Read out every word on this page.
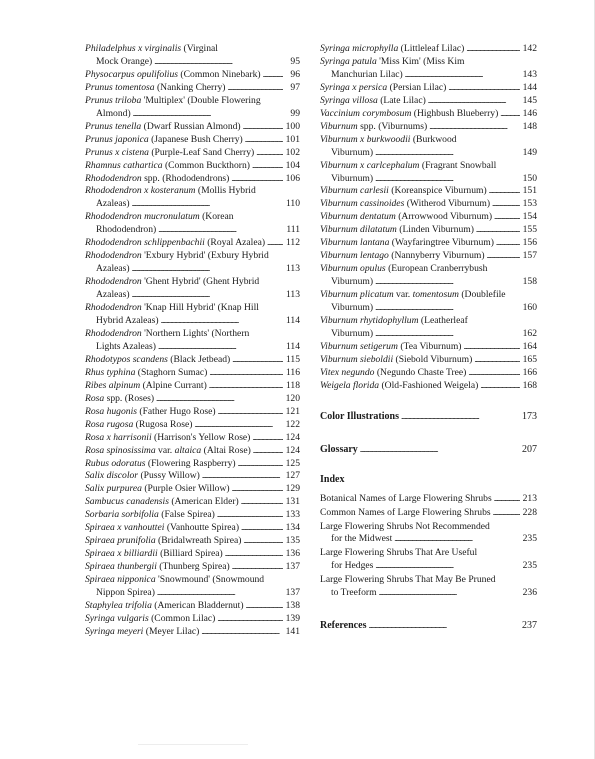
Philadelphus x virginalis (Virginal
Mock Orange) . . .	95
Physocarpus opulifolius (Common Ninebark) . . .	96
Prunus tomentosa (Nanking Cherry) . . .	97
Prunus triloba 'Multiplex' (Double Flowering
Almond) . . .	99
Prunus tenella (Dwarf Russian Almond) . . .	100
Prunus japonica (Japanese Bush Cherry) . . .	101
Prunus x cistena (Purple-Leaf Sand Cherry) . . .	102
Rhamnus cathartica (Common Buckthorn) . . .	104
Rhododendron spp. (Rhododendrons) . . .	106
Rhododendron x kosteranum (Mollis Hybrid
Azaleas) . . .	110
Rhododendron mucronulatum (Korean
Rhododendron) . . .	111
Rhododendron schlippenbachii (Royal Azalea) . . . 112
Rhododendron 'Exbury Hybrid' (Exbury Hybrid
Azaleas) . . .	113
Rhododendron 'Ghent Hybrid' (Ghent Hybrid
Azaleas) . . .	113
Rhododendron 'Knap Hill Hybrid' (Knap Hill
Hybrid Azaleas) . . .	114
Rhododendron 'Northern Lights' (Northern
Lights Azaleas) . . .	114
Rhodotypos scandens (Black Jetbead) . . .	115
Rhus typhina (Staghorn Sumac) . . .	116
Ribes alpinum (Alpine Currant) . . .	118
Rosa spp. (Roses) . . .	120
Rosa hugonis (Father Hugo Rose) . . .	121
Rosa rugosa (Rugosa Rose) . . .	122
Rosa x harrisonii (Harrison's Yellow Rose) . . .	124
Rosa spinosissima var. altaica (Altai Rose) . . .	124
Rubus odoratus (Flowering Raspberry) . . .	125
Salix discolor (Pussy Willow) . . .	127
Salix purpurea (Purple Osier Willow) . . .	129
Sambucus canadensis (American Elder) . . .	131
Sorbaria sorbifolia (False Spirea) . . .	133
Spiraea x vanhouttei (Vanhoutte Spirea) . . .	134
Spiraea prunifolia (Bridalwreath Spirea) . . .	135
Spiraea x billiardii (Billiard Spirea) . . .	136
Spiraea thunbergii (Thunberg Spirea) . . .	137
Spiraea nipponica 'Snowmound' (Snowmound
Nippon Spirea) . . .	137
Staphylea trifolia (American Bladdernut) . . .	138
Syringa vulgaris (Common Lilac) . . .	139
Syringa meyeri (Meyer Lilac) . . .	141
Syringa microphylla (Littleleaf Lilac) . . .	142
Syringa patula 'Miss Kim' (Miss Kim
Manchurian Lilac) . . .	143
Syringa x persica (Persian Lilac) . . .	144
Syringa villosa (Late Lilac) . . .	145
Vaccinium corymbosum (Highbush Blueberry) . . .	146
Viburnum spp. (Viburnums) . . .	148
Viburnum x burkwoodii (Burkwood
Viburnum) . . .	149
Viburnum x carlcephalum (Fragrant Snowball
Viburnum) . . .	150
Viburnum carlesii (Koreanspice Viburnum) . . .	151
Viburnum cassinoides (Witherod Viburnum) . . .	153
Viburnum dentatum (Arrowwood Viburnum) . . .	154
Viburnum dilatatum (Linden Viburnum) . . .	155
Viburnum lantana (Wayfaringtree Viburnum) . . .	156
Viburnum lentago (Nannyberry Viburnum) . . .	157
Viburnum opulus (European Cranberrybush
Viburnum) . . .	158
Viburnum plicatum var. tomentosum (Doublefile
Viburnum) . . .	160
Viburnum rhytidophyllum (Leatherleaf
Viburnum) . . .	162
Viburnum setigerum (Tea Viburnum) . . .	164
Viburnum sieboldii (Siebold Viburnum) . . .	165
Vitex negundo (Negundo Chaste Tree) . . .	166
Weigela florida (Old-Fashioned Weigela) . . .	168
Color Illustrations . . .	173
Glossary . . .	207
Index
Botanical Names of Large Flowering Shrubs . . .	213
Common Names of Large Flowering Shrubs . . .	228
Large Flowering Shrubs Not Recommended
for the Midwest . . .	235
Large Flowering Shrubs That Are Useful
for Hedges . . .	235
Large Flowering Shrubs That May Be Pruned
to Treeform . . .	236
References . . .	237
